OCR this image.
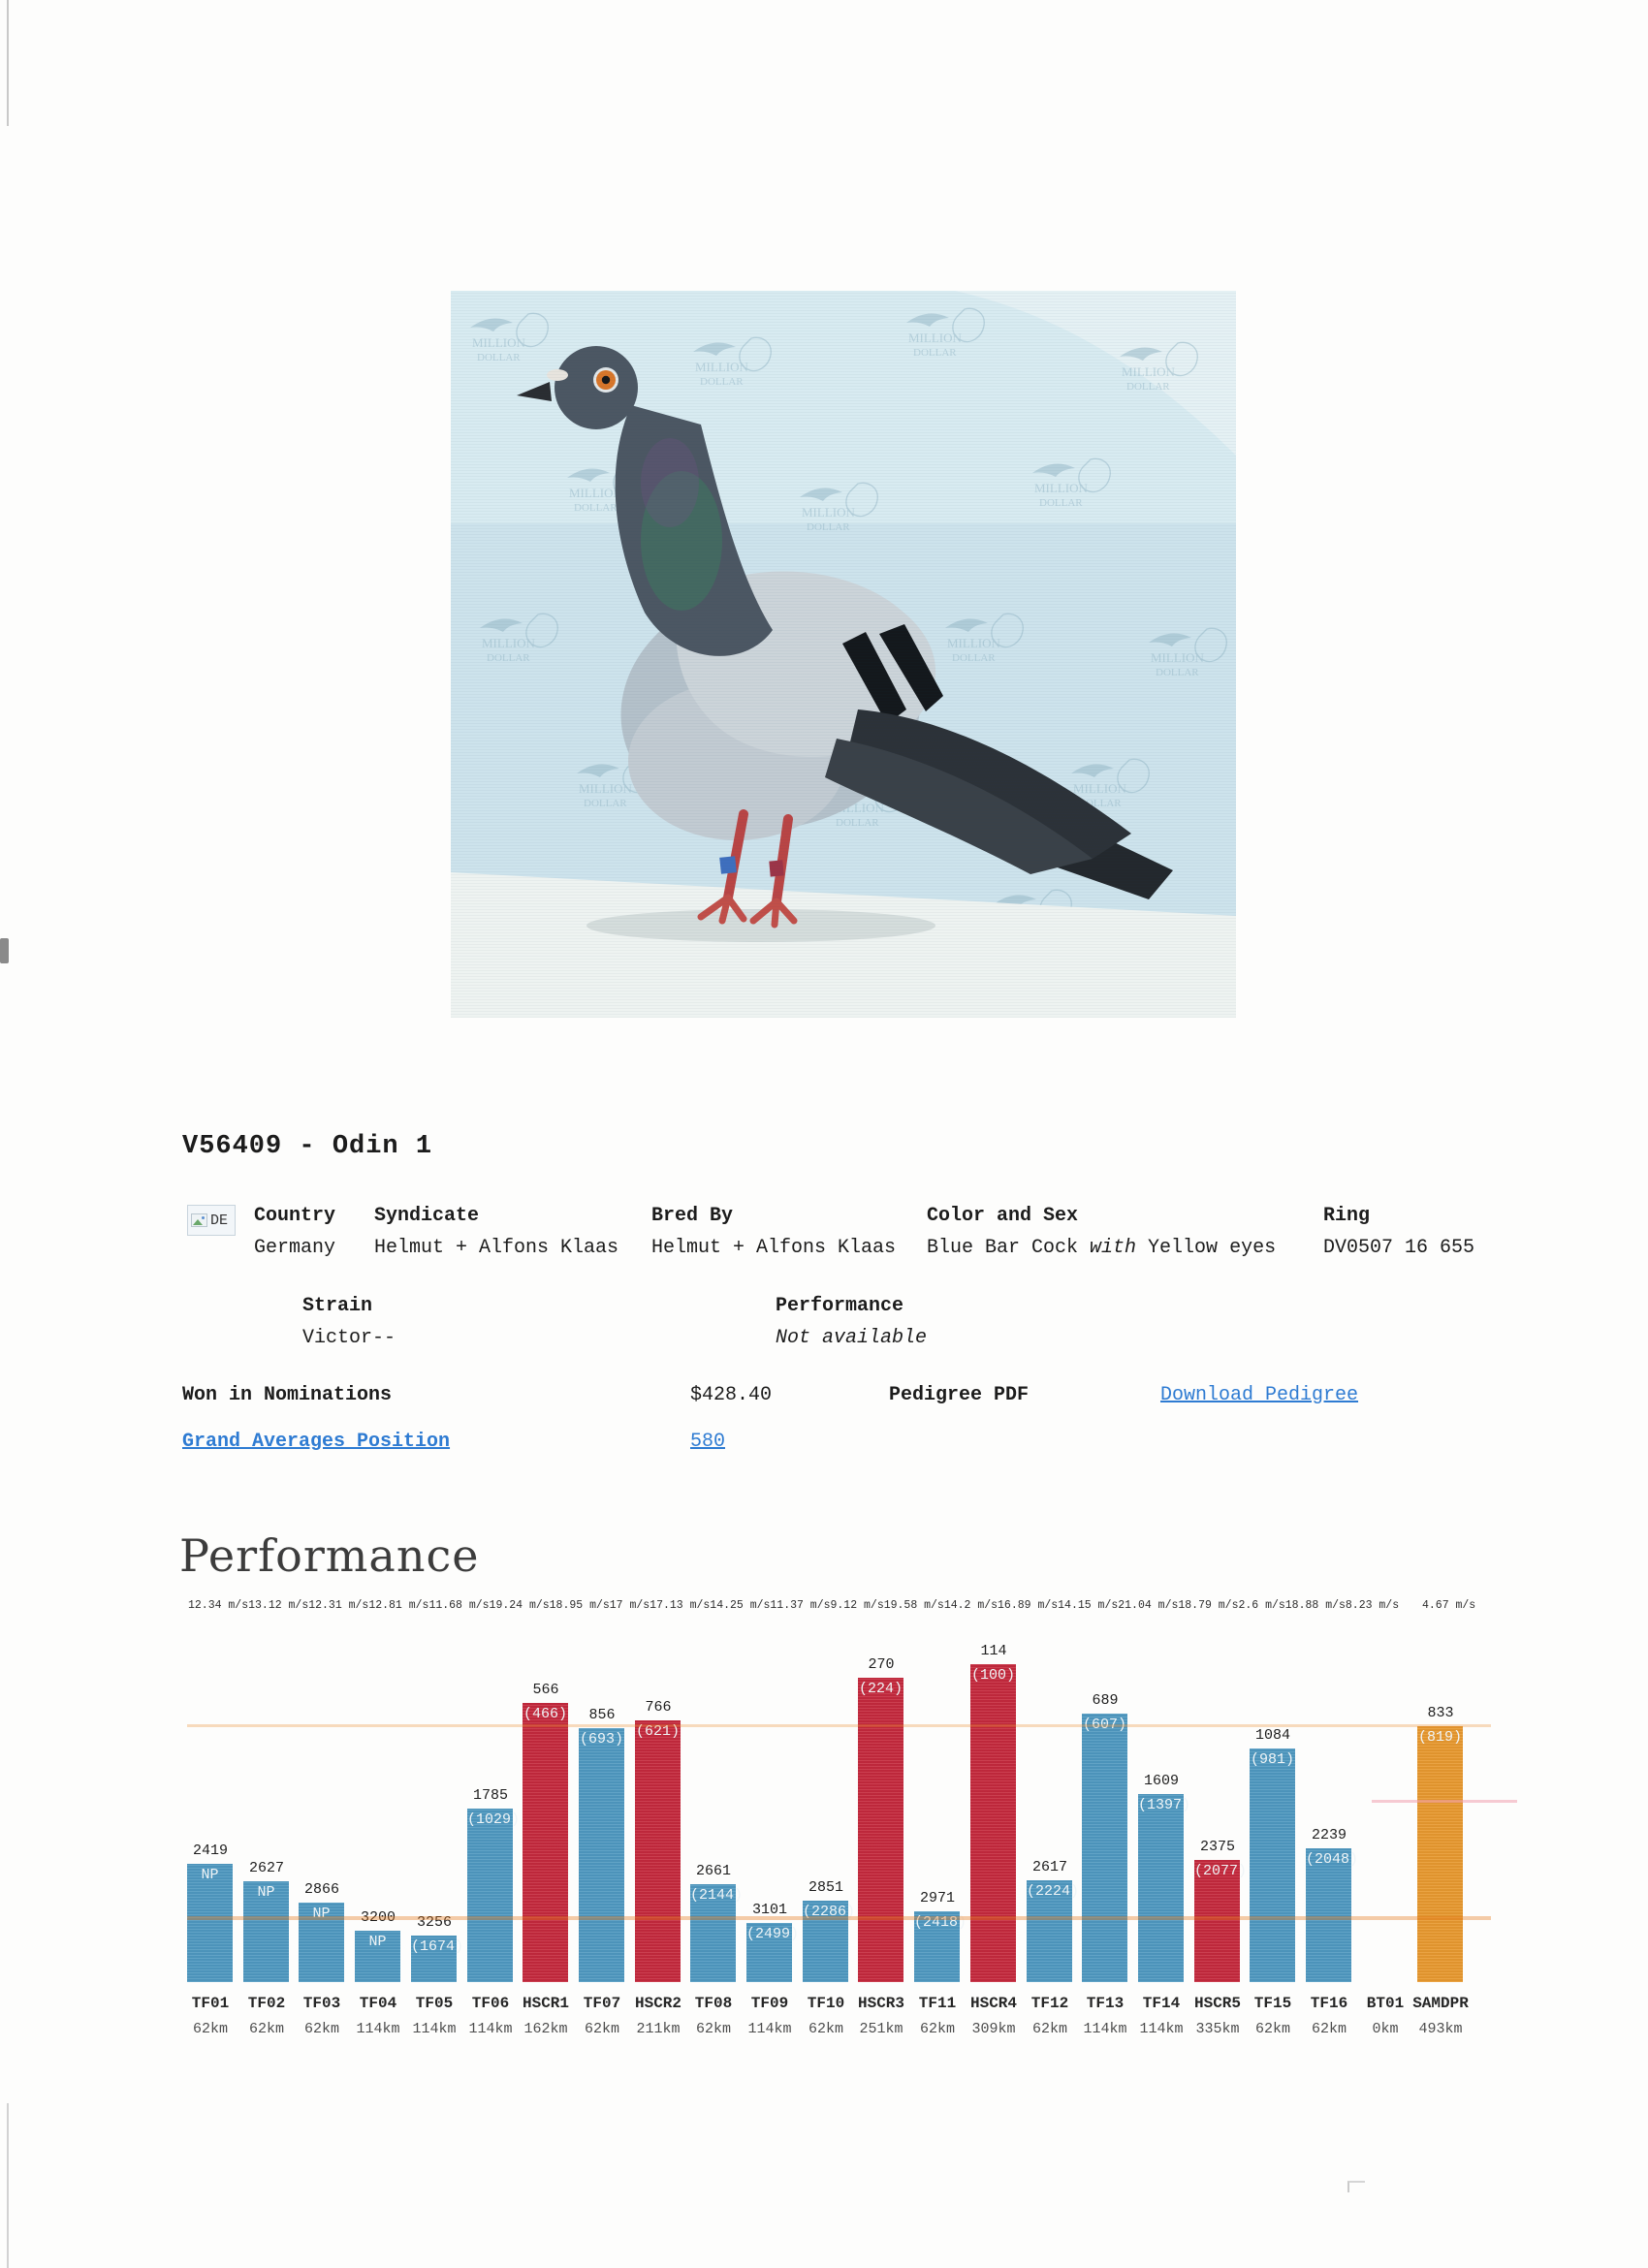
V56409 - Odin 1
DE Country
Germany
Syndicate
Helmut + Alfons Klaas
Bred By
Helmut + Alfons Klaas
Color and Sex
Blue Bar Cock with Yellow eyes
Ring
DV0507 16 655
Strain
Victor--
Performance
Not available
Won in Nominations	$428.40	Pedigree PDF	Download Pedigree
Grand Averages Position	580
Performance
12.34 m/s13.12 m/s12.31 m/s12.81 m/s11.68 m/s19.24 m/s18.95 m/s17 m/s17.13 m/s14.25 m/s11.37 m/s9.12 m/s19.58 m/s14.2 m/s16.89 m/s14.15 m/s21.04 m/s18.79 m/s2.6 m/s18.88 m/s8.23 m/s 4.67 m/s
NP
2419
NP
2627
NP
2866
NP
3200
(1674)
3256
(1029)
1785
(466)
566
(693)
856
(621)
766
(2144)
2661
(2499)
3101	(2286)
2851
(224)
270
(2418)
2971
(100)
114
(2224)
2617
(607)
689
(1397)
1609
(2077)
2375
(981)
1084
(2048)
2239
(819)
833
TF01
62km
TF02
62km
TF03
62km
TF04
114km
TF05
114km
TF06
114km
HSCR1
162km
TF07
62km
HSCR2
211km
TF08
62km
TF09
114km
TF10
62km
HSCR3
251km
TF11
62km
HSCR4
309km
TF12
62km
TF13
114km
TF14
114km
HSCR5
335km
TF15
62km
TF16
62km
BT01
0km
SAMDPR
493km
